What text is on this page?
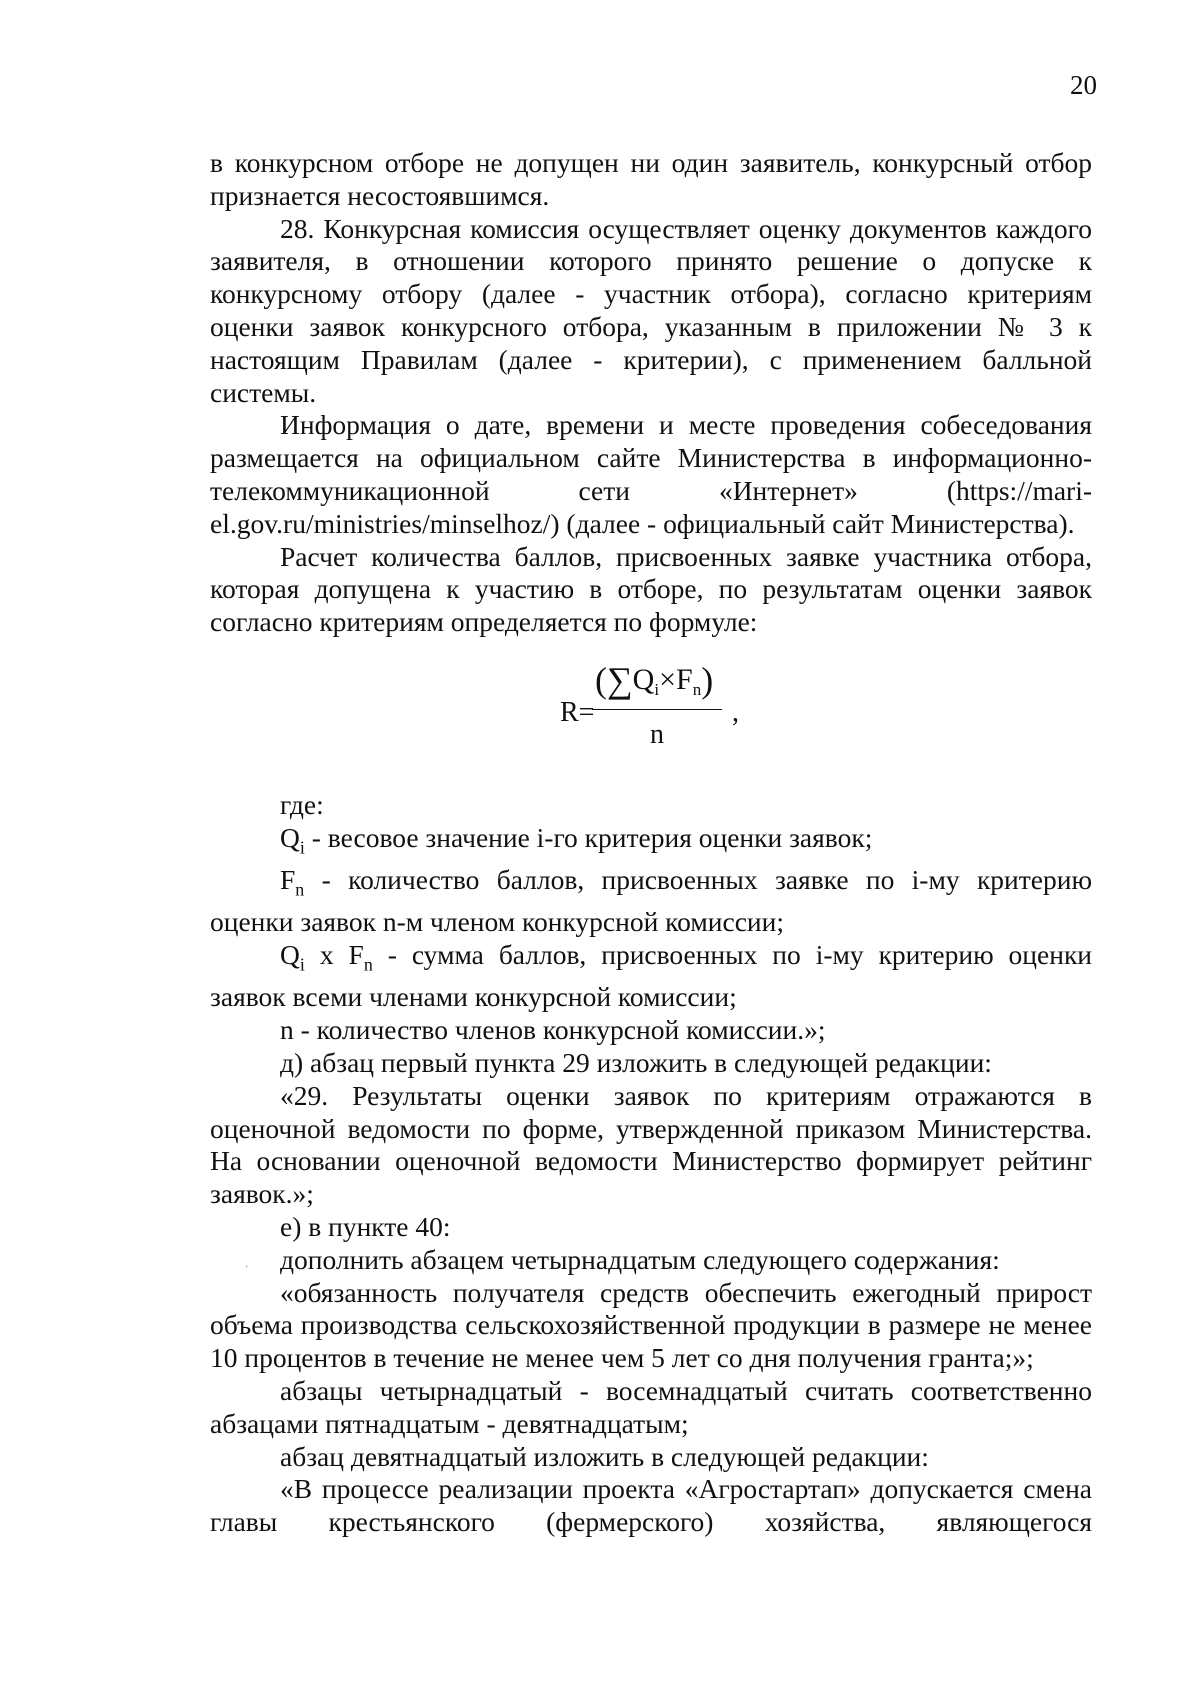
20

в конкурсном отборе не допущен ни один заявитель, конкурсный отбор признается несостоявшимся.

28. Конкурсная комиссия осуществляет оценку документов каждого заявителя, в отношении которого принято решение о допуске к конкурсному отбору (далее - участник отбора), согласно критериям оценки заявок конкурсного отбора, указанным в приложении № 3 к настоящим Правилам (далее - критерии), с применением балльной системы.

Информация о дате, времени и месте проведения собеседования размещается на официальном сайте Министерства в информационно-телекоммуникационной сети «Интернет» (https://mari-el.gov.ru/ministries/minselhoz/) (далее - официальный сайт Министерства).

Расчет количества баллов, присвоенных заявке участника отбора, которая допущена к участию в отборе, по результатам оценки заявок согласно критериям определяется по формуле:

R=
$(\sum Q_i\times F_n)$
n
,

где:

$Q_i$ - весовое значение i-го критерия оценки заявок;

$F_n$ - количество баллов, присвоенных заявке по i-му критерию оценки заявок n-м членом конкурсной комиссии;

$Q_i$ x $F_n$ - сумма баллов, присвоенных по i-му критерию оценки заявок всеми членами конкурсной комиссии;

n - количество членов конкурсной комиссии.»;

д) абзац первый пункта 29 изложить в следующей редакции:

«29. Результаты оценки заявок по критериям отражаются в оценочной ведомости по форме, утвержденной приказом Министерства. На основании оценочной ведомости Министерство формирует рейтинг заявок.»;

е) в пункте 40:

дополнить абзацем четырнадцатым следующего содержания:

«обязанность получателя средств обеспечить ежегодный прирост объема производства сельскохозяйственной продукции в размере не менее 10 процентов в течение не менее чем 5 лет со дня получения гранта;»;

абзацы четырнадцатый - восемнадцатый считать соответственно абзацами пятнадцатым - девятнадцатым;

абзац девятнадцатый изложить в следующей редакции:

«В процессе реализации проекта «Агростартап» допускается смена главы крестьянского (фермерского) хозяйства, являющегося

·
